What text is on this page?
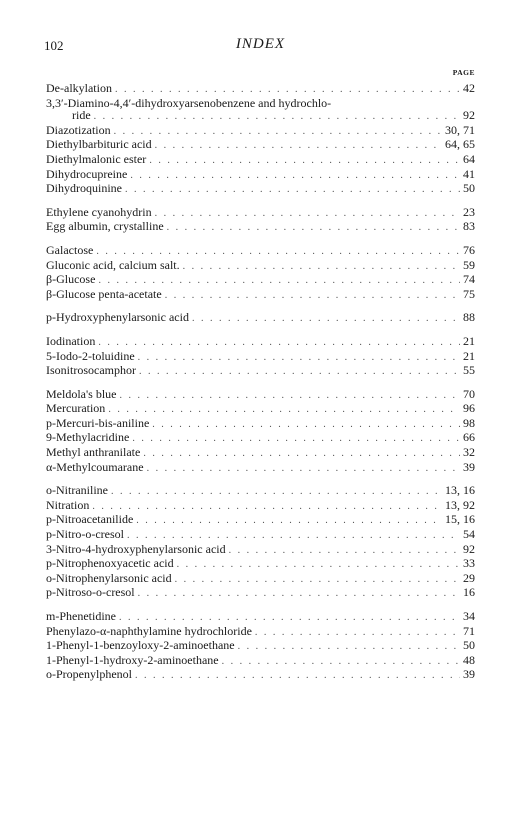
102	INDEX
PAGE
De-alkylation . . .	42
3,3′-Diamino-4,4′-dihydroxyarsenobenzene and hydrochlo-
ride . . .	92
Diazotization . . .	30, 71
Diethylbarbituric acid . . .	64, 65
Diethylmalonic ester . . .	64
Dihydrocupreine . . .	41
Dihydroquinine . . .	50
Ethylene cyanohydrin . . .	23
Egg albumin, crystalline . . .	83
Galactose . . .	76
Gluconic acid, calcium salt. . . .	59
β-Glucose . . .	74
β-Glucose penta-acetate . . .	75
p-Hydroxyphenylarsonic acid . . .	88
Iodination . . .	21
5-Iodo-2-toluidine . . .	21
Isonitrosocamphor . . .	55
Meldola's blue . . .	70
Mercuration . . .	96
p-Mercuri-bis-aniline . . .	98
9-Methylacridine . . .	66
Methyl anthranilate . . .	32
α-Methylcoumarane . . .	39
o-Nitraniline . . .	13, 16
Nitration . . .	13, 92
p-Nitroacetanilide . . .	15, 16
p-Nitro-o-cresol . . .	54
3-Nitro-4-hydroxyphenylarsonic acid . . .	92
p-Nitrophenoxyacetic acid . . .	33
o-Nitrophenylarsonic acid . . .	29
p-Nitroso-o-cresol . . .	16
m-Phenetidine . . .	34
Phenylazo-α-naphthylamine hydrochloride . . .	71
1-Phenyl-1-benzoyloxy-2-aminoethane . . .	50
1-Phenyl-1-hydroxy-2-aminoethane . . .	48
o-Propenylphenol . . .	39
